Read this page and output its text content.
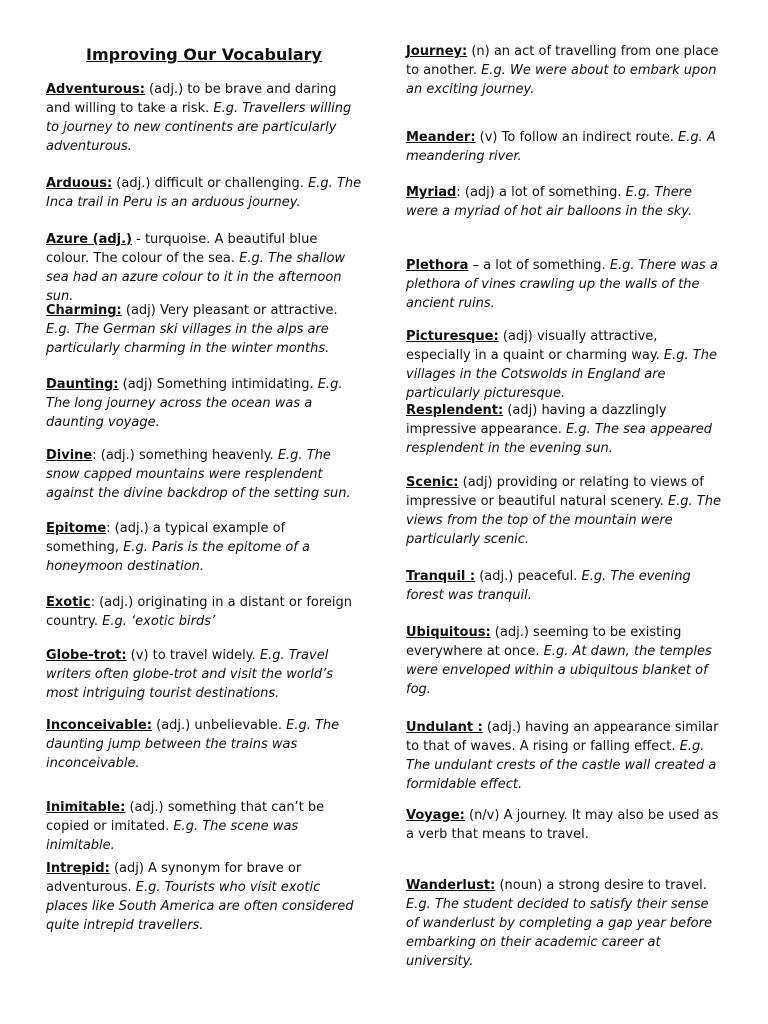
Improving Our Vocabulary
Adventurous: (adj.) to be brave and daring and willing to take a risk. E.g. Travellers willing to journey to new continents are particularly adventurous.
Arduous: (adj.) difficult or challenging. E.g. The Inca trail in Peru is an arduous journey.
Azure (adj.) - turquoise. A beautiful blue colour. The colour of the sea. E.g. The shallow sea had an azure colour to it in the afternoon sun.
Charming: (adj) Very pleasant or attractive. E.g. The German ski villages in the alps are particularly charming in the winter months.
Daunting: (adj) Something intimidating. E.g. The long journey across the ocean was a daunting voyage.
Divine: (adj.) something heavenly. E.g. The snow capped mountains were resplendent against the divine backdrop of the setting sun.
Epitome: (adj.) a typical example of something, E.g. Paris is the epitome of a honeymoon destination.
Exotic: (adj.) originating in a distant or foreign country. E.g. ‘exotic birds’
Globe-trot: (v) to travel widely. E.g. Travel writers often globe-trot and visit the world’s most intriguing tourist destinations.
Inconceivable: (adj.) unbelievable. E.g. The daunting jump between the trains was inconceivable.
Inimitable: (adj.) something that can’t be copied or imitated. E.g. The scene was inimitable.
Intrepid: (adj) A synonym for brave or adventurous. E.g. Tourists who visit exotic places like South America are often considered quite intrepid travellers.
Journey: (n) an act of travelling from one place to another. E.g. We were about to embark upon an exciting journey.
Meander: (v) To follow an indirect route. E.g. A meandering river.
Myriad: (adj) a lot of something. E.g. There were a myriad of hot air balloons in the sky.
Plethora – a lot of something. E.g. There was a plethora of vines crawling up the walls of the ancient ruins.
Picturesque: (adj) visually attractive, especially in a quaint or charming way. E.g. The villages in the Cotswolds in England are particularly picturesque.
Resplendent: (adj) having a dazzlingly impressive appearance. E.g. The sea appeared resplendent in the evening sun.
Scenic: (adj) providing or relating to views of impressive or beautiful natural scenery. E.g. The views from the top of the mountain were particularly scenic.
Tranquil : (adj.) peaceful. E.g. The evening forest was tranquil.
Ubiquitous: (adj.) seeming to be existing everywhere at once. E.g. At dawn, the temples were enveloped within a ubiquitous blanket of fog.
Undulant : (adj.) having an appearance similar to that of waves. A rising or falling effect. E.g. The undulant crests of the castle wall created a formidable effect.
Voyage: (n/v) A journey. It may also be used as a verb that means to travel.
Wanderlust: (noun) a strong desire to travel. E.g. The student decided to satisfy their sense of wanderlust by completing a gap year before embarking on their academic career at university.
